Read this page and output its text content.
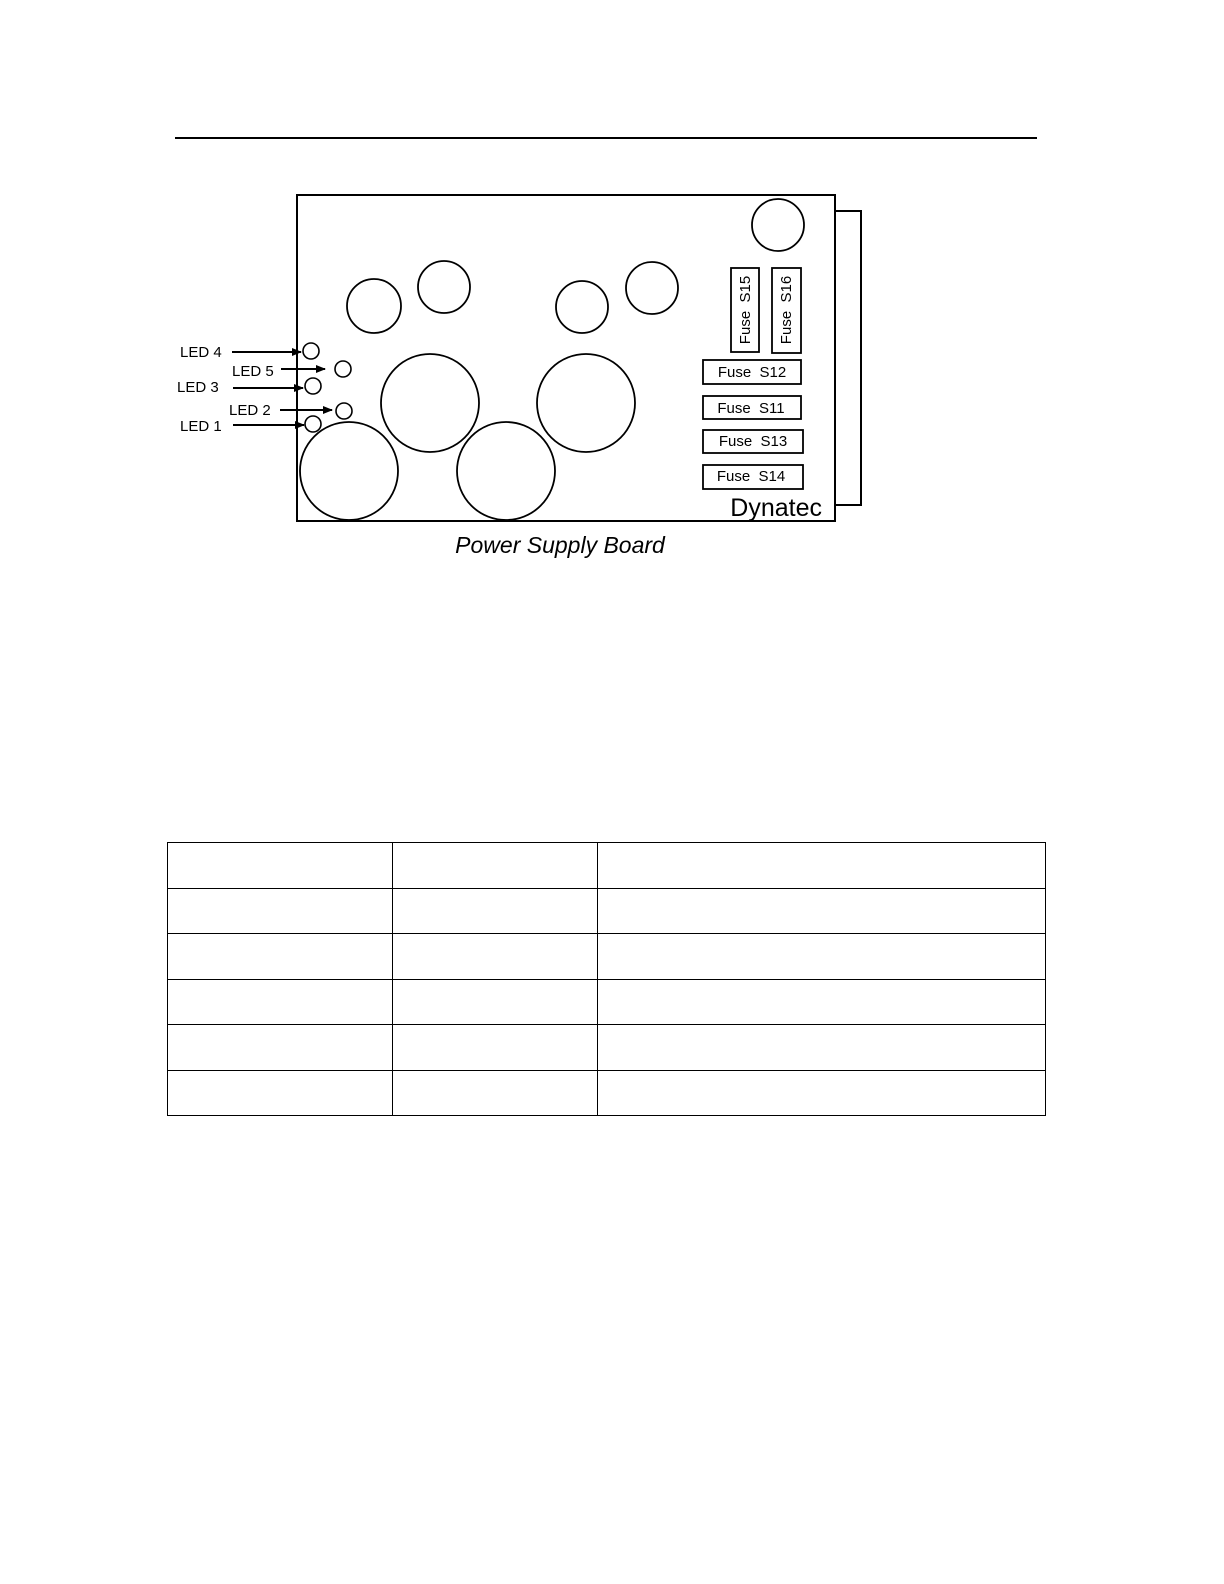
LED 4
LED 5
LED 3
LED 2
LED 1
Fuse  S15 Fuse  S16
Fuse  S12
Fuse  S11
Fuse  S13
Fuse  S14
Dynatec
Power Supply Board
